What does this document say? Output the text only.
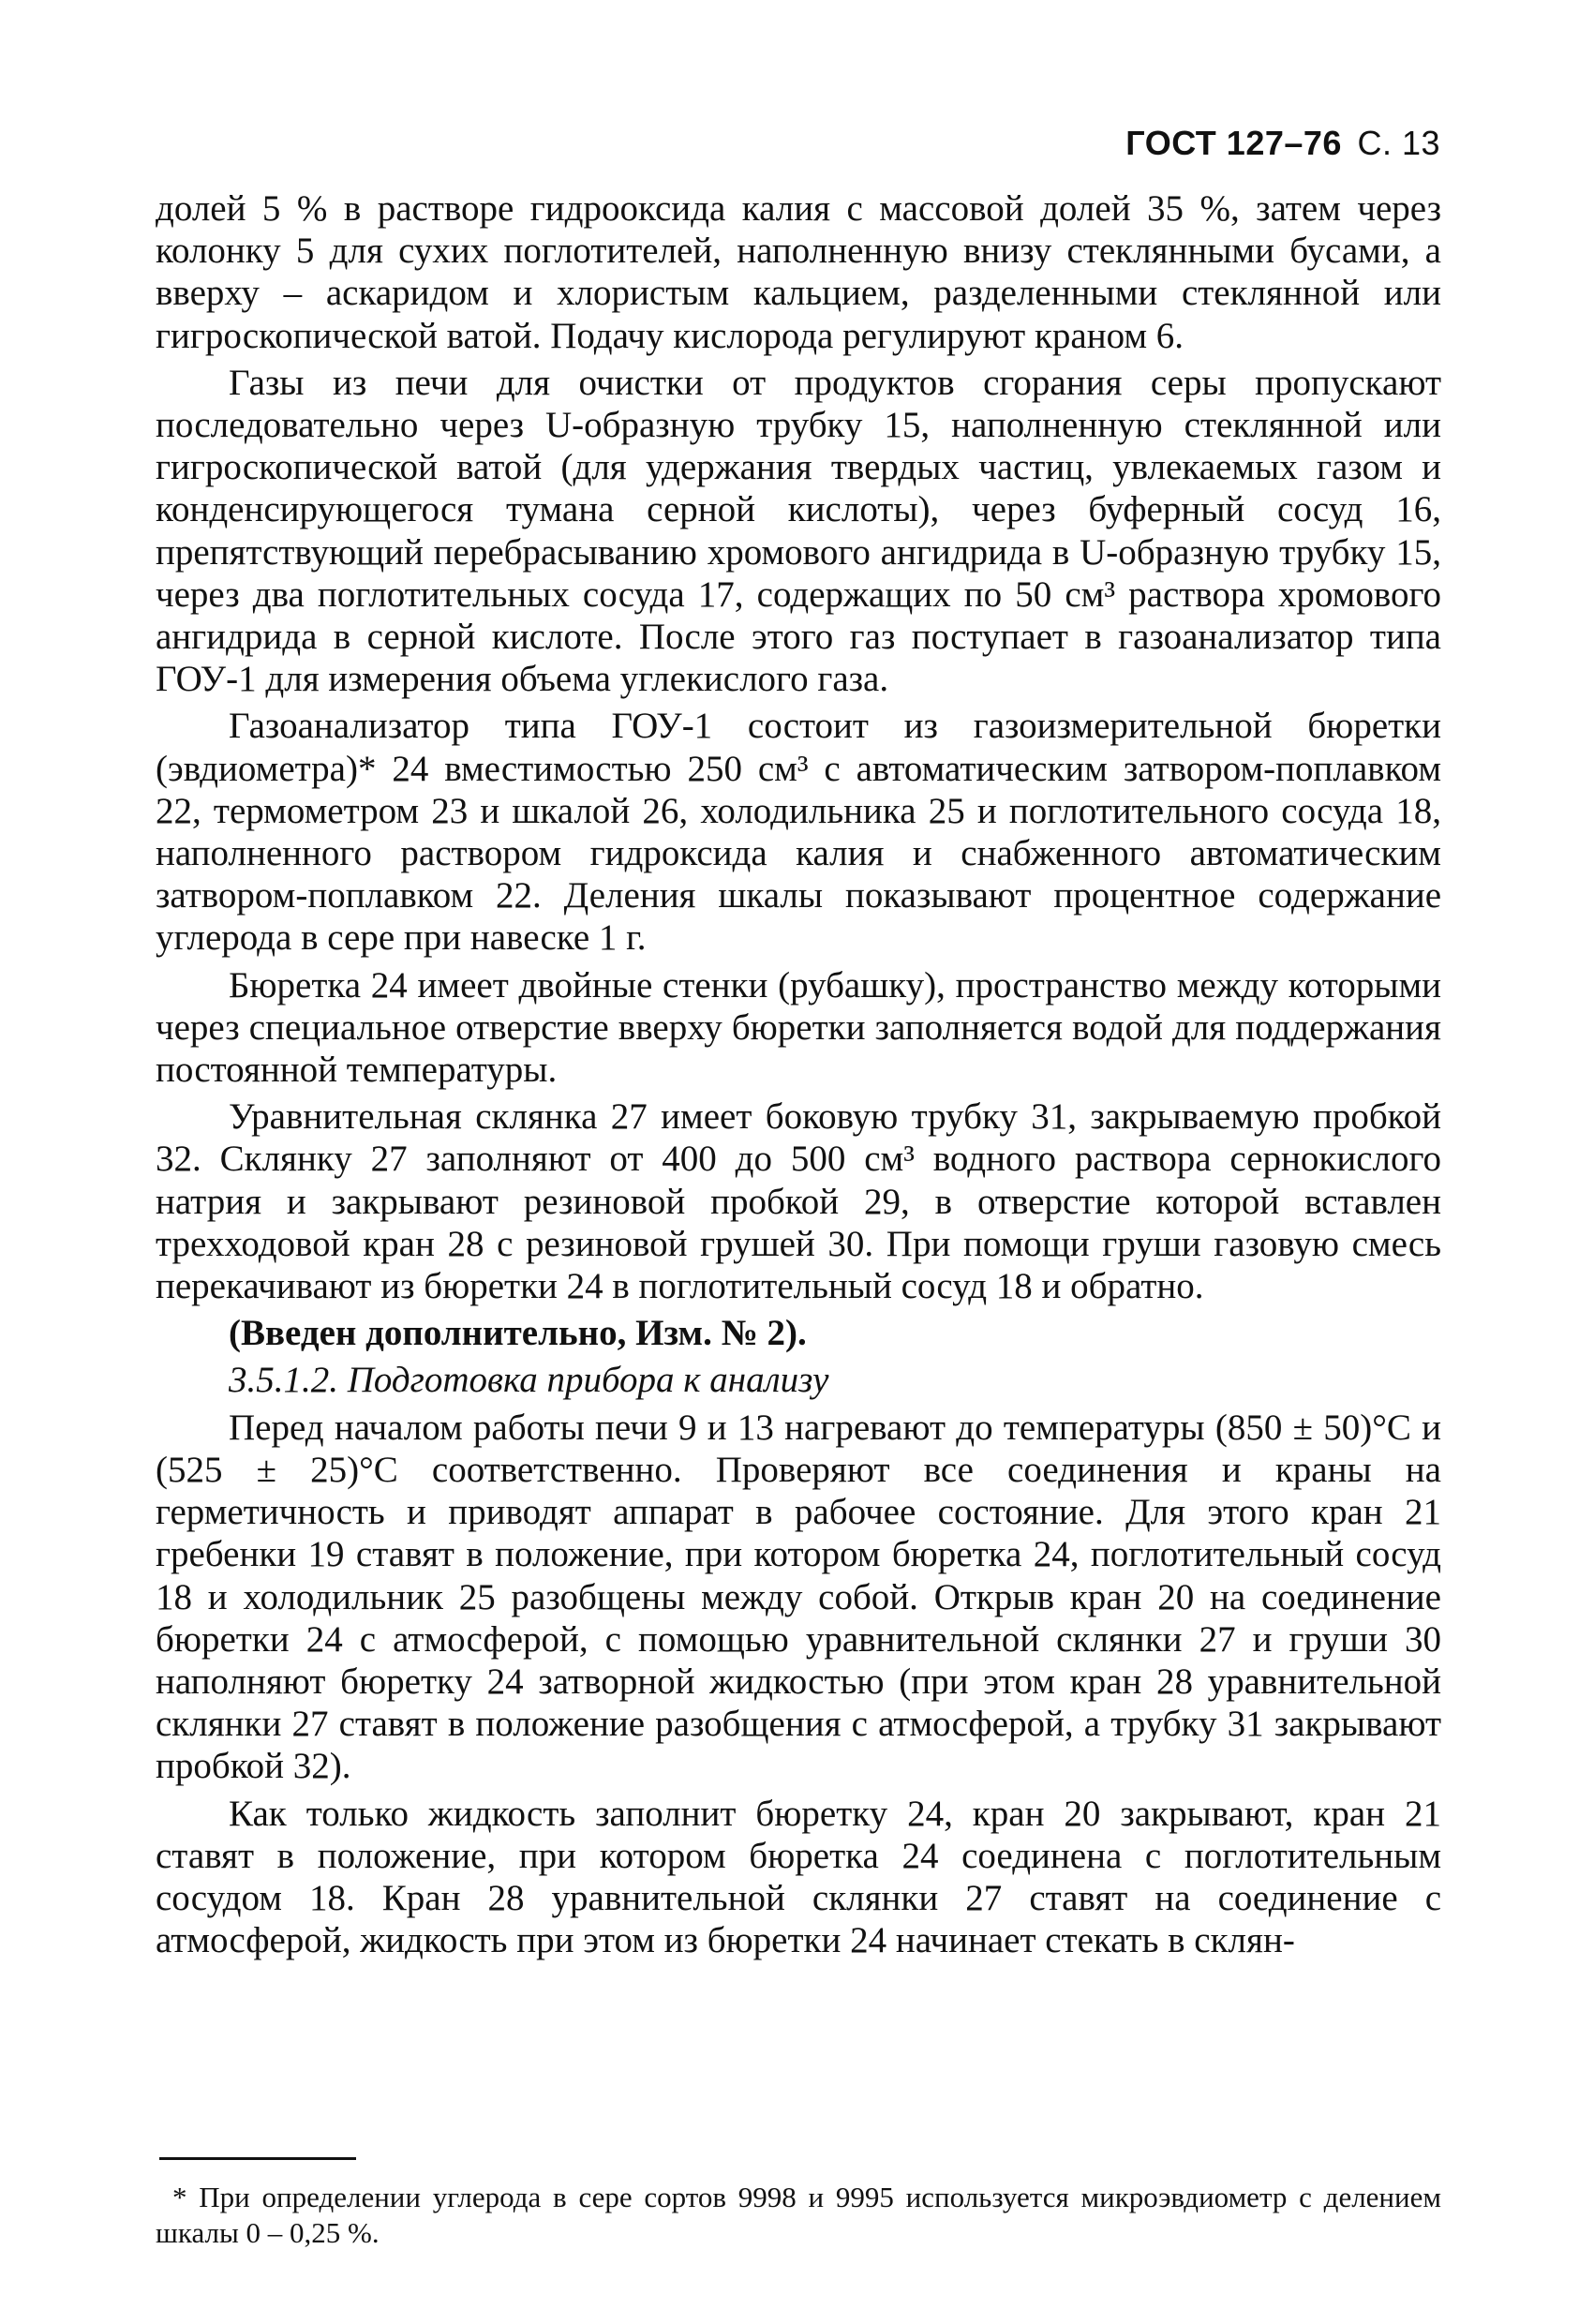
ГОСТ 127–76 С. 13

долей 5 % в растворе гидрооксида калия с массовой долей 35 %, затем через колонку 5 для сухих поглотителей, наполненную внизу стеклянными бусами, а вверху – аскаридом и хлористым кальцием, разделенными стеклянной или гигроскопической ватой. Подачу кислорода регулируют краном 6.

Газы из печи для очистки от продуктов сгорания серы пропускают последовательно через U-образную трубку 15, наполненную стеклянной или гигроскопической ватой (для удержания твердых частиц, увлекаемых газом и конденсирующегося тумана серной кислоты), через буферный сосуд 16, препятствующий перебрасыванию хромового ангидрида в U-образную трубку 15, через два поглотительных сосуда 17, содержащих по 50 см³ раствора хромового ангидрида в серной кислоте. После этого газ поступает в газоанализатор типа ГОУ-1 для измерения объема углекислого газа.

Газоанализатор типа ГОУ-1 состоит из газоизмерительной бюретки (эвдиометра)* 24 вместимостью 250 см³ с автоматическим затвором-поплавком 22, термометром 23 и шкалой 26, холодильника 25 и поглотительного сосуда 18, наполненного раствором гидроксида калия и снабженного автоматическим затвором-поплавком 22. Деления шкалы показывают процентное содержание углерода в сере при навеске 1 г.

Бюретка 24 имеет двойные стенки (рубашку), пространство между которыми через специальное отверстие вверху бюретки заполняется водой для поддержания постоянной температуры.

Уравнительная склянка 27 имеет боковую трубку 31, закрываемую пробкой 32. Склянку 27 заполняют от 400 до 500 см³ водного раствора сернокислого натрия и закрывают резиновой пробкой 29, в отверстие которой вставлен трехходовой кран 28 с резиновой грушей 30. При помощи груши газовую смесь перекачивают из бюретки 24 в поглотительный сосуд 18 и обратно.

(Введен дополнительно, Изм. № 2).

3.5.1.2. Подготовка прибора к анализу

Перед началом работы печи 9 и 13 нагревают до температуры (850 ± 50)°С и (525 ± 25)°С соответственно. Проверяют все соединения и краны на герметичность и приводят аппарат в рабочее состояние. Для этого кран 21 гребенки 19 ставят в положение, при котором бюретка 24, поглотительный сосуд 18 и холодильник 25 разобщены между собой. Открыв кран 20 на соединение бюретки 24 с атмосферой, с помощью уравнительной склянки 27 и груши 30 наполняют бюретку 24 затворной жидкостью (при этом кран 28 уравнительной склянки 27 ставят в положение разобщения с атмосферой, а трубку 31 закрывают пробкой 32).

Как только жидкость заполнит бюретку 24, кран 20 закрывают, кран 21 ставят в положение, при котором бюретка 24 соединена с поглотительным сосудом 18. Кран 28 уравнительной склянки 27 ставят на соединение с атмосферой, жидкость при этом из бюретки 24 начинает стекать в склян-

* При определении углерода в сере сортов 9998 и 9995 используется микроэвдиометр с делением шкалы 0 – 0,25 %.
